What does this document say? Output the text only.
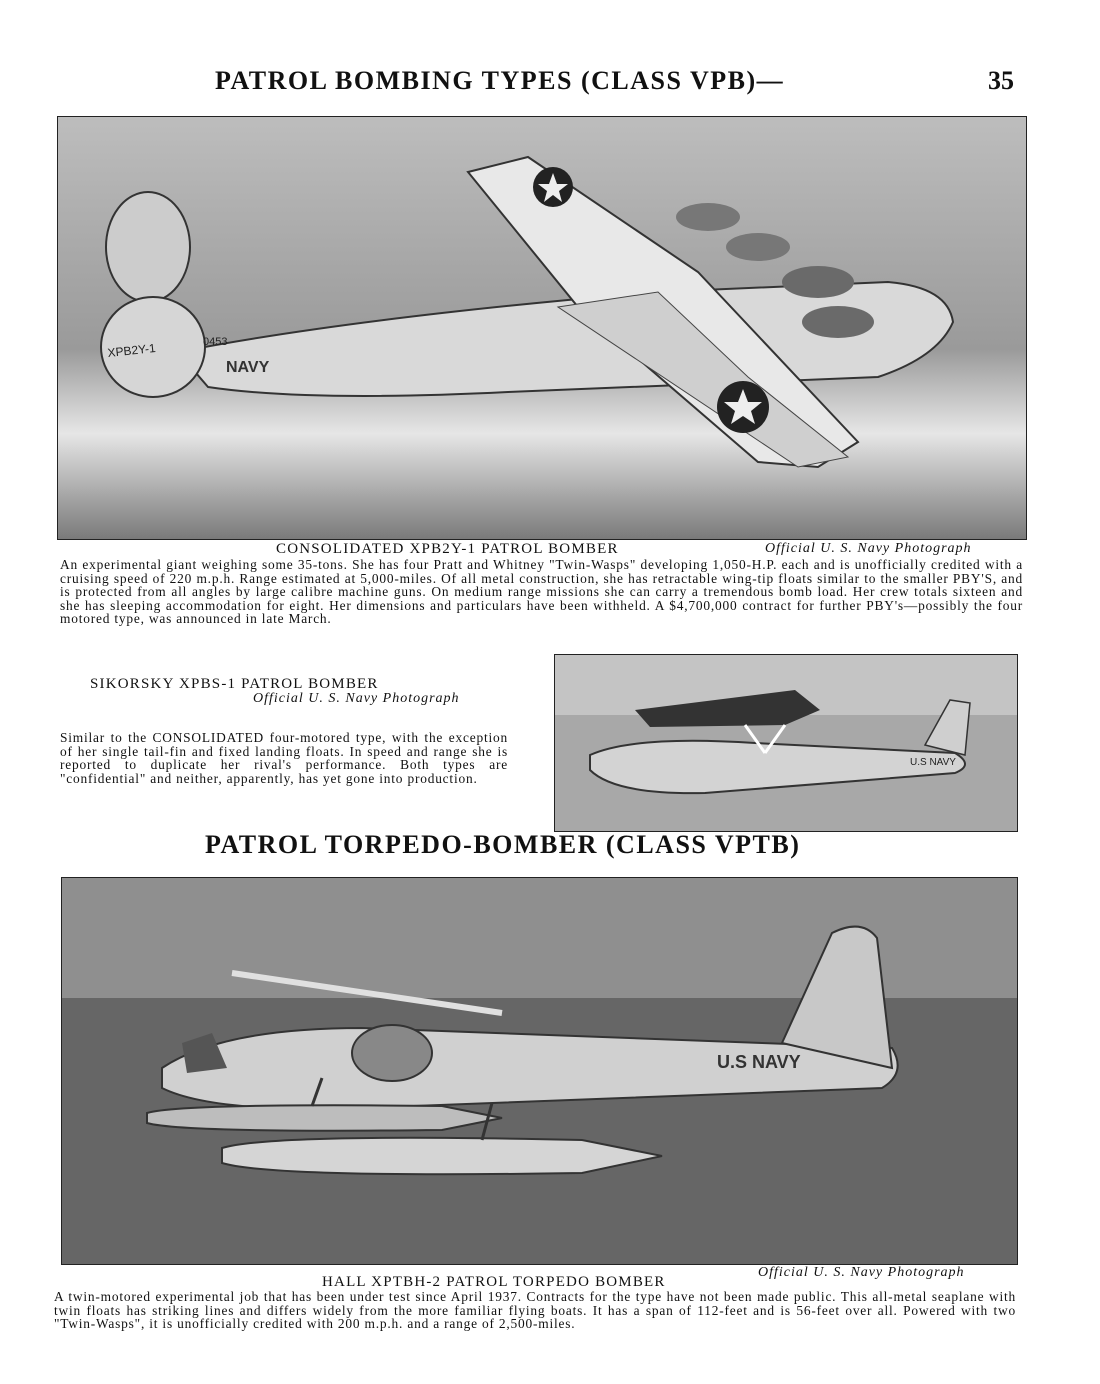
PATROL BOMBING TYPES (CLASS VPB)—	35
XPB2Y-1	0453
NAVY
CONSOLIDATED XPB2Y-1 PATROL BOMBER	Official U. S. Navy Photograph
An experimental giant weighing some 35-tons. She has four Pratt and Whitney "Twin-Wasps" developing 1,050-H.P. each and is unofficially credited with a cruising speed of 220 m.p.h. Range estimated at 5,000-miles. Of all metal construction, she has retractable wing-tip floats similar to the smaller PBY'S, and is protected from all angles by large calibre machine guns. On medium range missions she can carry a tremendous bomb load. Her crew totals sixteen and she has sleeping accommodation for eight. Her dimensions and particulars have been withheld. A $4,700,000 contract for further PBY's—possibly the four motored type, was announced in late March.
SIKORSKY XPBS-1 PATROL BOMBER
Official U. S. Navy Photograph
Similar to the CONSOLIDATED four-motored type, with the exception of her single tail-fin and fixed landing floats. In speed and range she is reported to duplicate her rival's performance. Both types are "confidential" and neither, apparently, has yet gone into production.
U.S NAVY
PATROL TORPEDO-BOMBER (CLASS VPTB)
U.S NAVY
Official U. S. Navy Photograph
HALL XPTBH-2 PATROL TORPEDO BOMBER
A twin-motored experimental job that has been under test since April 1937. Contracts for the type have not been made public. This all-metal seaplane with twin floats has striking lines and differs widely from the more familiar flying boats. It has a span of 112-feet and is 56-feet over all. Powered with two "Twin-Wasps", it is unofficially credited with 200 m.p.h. and a range of 2,500-miles.
